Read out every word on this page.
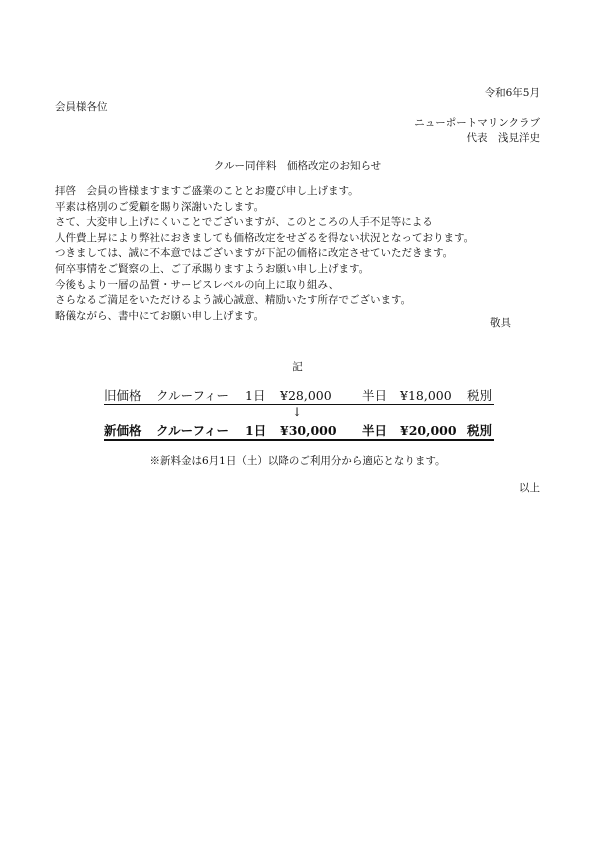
令和6年5月
会員様各位
ニューポートマリンクラブ
代表　浅見洋史
クルー同伴料　価格改定のお知らせ
拝啓　会員の皆様ますますご盛業のこととお慶び申し上げます。
平素は格別のご愛顧を賜り深謝いたします。
さて、大変申し上げにくいことでございますが、このところの人手不足等による
人件費上昇により弊社におきましても価格改定をせざるを得ない状況となっております。
つきましては、誠に不本意ではございますが下記の価格に改定させていただきます。
何卒事情をご賢察の上、ご了承賜りますようお願い申し上げます。
今後もより一層の品質・サービスレベルの向上に取り組み、
さらなるご満足をいただけるよう誠心誠意、精励いたす所存でございます。
略儀ながら、書中にてお願い申し上げます。
敬具
記
旧価格 クルーフィー 1日 ¥28,000 半日 ¥18,000 税別
↓
新価格 クルーフィー 1日 ¥30,000 半日 ¥20,000 税別
※新料金は6月1日（土）以降のご利用分から適応となります。
以上
